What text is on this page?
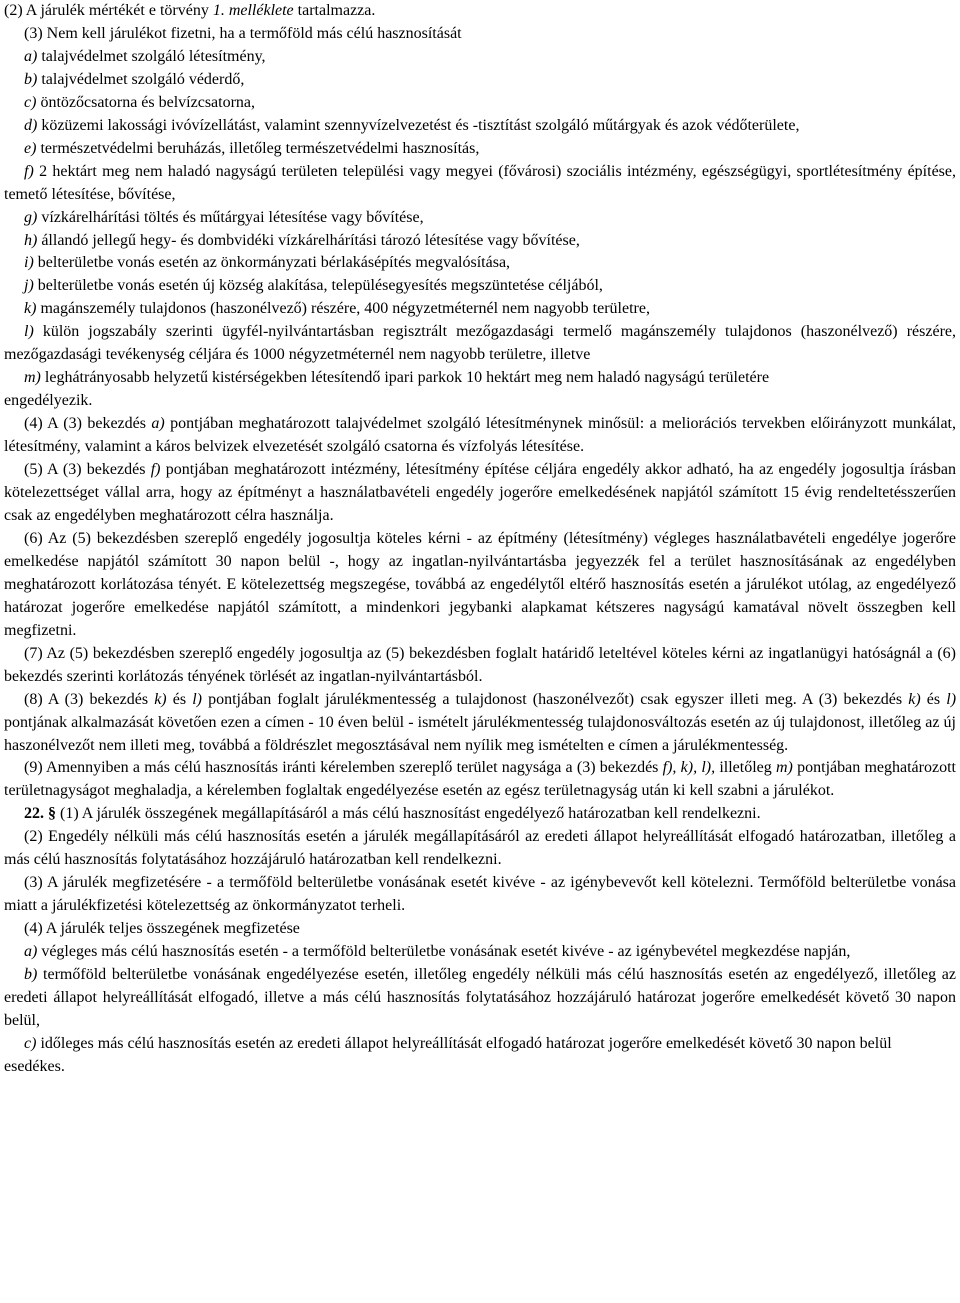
(2) A járulék mértékét e törvény 1. melléklete tartalmazza.

(3) Nem kell járulékot fizetni, ha a termőföld más célú hasznosítását

a) talajvédelmet szolgáló létesítmény,

b) talajvédelmet szolgáló véderdő,

c) öntözőcsatorna és belvízcsatorna,

d) közüzemi lakossági ivóvízellátást, valamint szennyvízelvezetést és -tisztítást szolgáló műtárgyak és azok védőterülete,

e) természetvédelmi beruházás, illetőleg természetvédelmi hasznosítás,

f) 2 hektárt meg nem haladó nagyságú területen települési vagy megyei (fővárosi) szociális intézmény, egészségügyi, sportlétesítmény építése, temető létesítése, bővítése,

g) vízkárelhárítási töltés és műtárgyai létesítése vagy bővítése,

h) állandó jellegű hegy- és dombvidéki vízkárelhárítási tározó létesítése vagy bővítése,

i) belterületbe vonás esetén az önkormányzati bérlakásépítés megvalósítása,

j) belterületbe vonás esetén új község alakítása, településegyesítés megszüntetése céljából,

k) magánszemély tulajdonos (haszonélvező) részére, 400 négyzetméternél nem nagyobb területre,

l) külön jogszabály szerinti ügyfél-nyilvántartásban regisztrált mezőgazdasági termelő magánszemély tulajdonos (haszonélvező) részére, mezőgazdasági tevékenység céljára és 1000 négyzetméternél nem nagyobb területre, illetve

m) leghátrányosabb helyzetű kistérségekben létesítendő ipari parkok 10 hektárt meg nem haladó nagyságú területére

engedélyezik.

(4) A (3) bekezdés a) pontjában meghatározott talajvédelmet szolgáló létesítménynek minősül: a meliorációs tervekben előirányzott munkálat, létesítmény, valamint a káros belvizek elvezetését szolgáló csatorna és vízfolyás létesítése.

(5) A (3) bekezdés f) pontjában meghatározott intézmény, létesítmény építése céljára engedély akkor adható, ha az engedély jogosultja írásban kötelezettséget vállal arra, hogy az építményt a használatbavételi engedély jogerőre emelkedésének napjától számított 15 évig rendeltetésszerűen csak az engedélyben meghatározott célra használja.

(6) Az (5) bekezdésben szereplő engedély jogosultja köteles kérni - az építmény (létesítmény) végleges használatbavételi engedélye jogerőre emelkedése napjától számított 30 napon belül -, hogy az ingatlan-nyilvántartásba jegyezzék fel a terület hasznosításának az engedélyben meghatározott korlátozása tényét. E kötelezettség megszegése, továbbá az engedélytől eltérő hasznosítás esetén a járulékot utólag, az engedélyező határozat jogerőre emelkedése napjától számított, a mindenkori jegybanki alapkamat kétszeres nagyságú kamatával növelt összegben kell megfizetni.

(7) Az (5) bekezdésben szereplő engedély jogosultja az (5) bekezdésben foglalt határidő leteltével köteles kérni az ingatlanügyi hatóságnál a (6) bekezdés szerinti korlátozás tényének törlését az ingatlan-nyilvántartásból.

(8) A (3) bekezdés k) és l) pontjában foglalt járulékmentesség a tulajdonost (haszonélvezőt) csak egyszer illeti meg. A (3) bekezdés k) és l) pontjának alkalmazását követően ezen a címen - 10 éven belül - ismételt járulékmentesség tulajdonosváltozás esetén az új tulajdonost, illetőleg az új haszonélvezőt nem illeti meg, továbbá a földrészlet megosztásával nem nyílik meg ismételten e címen a járulékmentesség.

(9) Amennyiben a más célú hasznosítás iránti kérelemben szereplő terület nagysága a (3) bekezdés f), k), l), illetőleg m) pontjában meghatározott területnagyságot meghaladja, a kérelemben foglaltak engedélyezése esetén az egész területnagyság után ki kell szabni a járulékot.

22. § (1) A járulék összegének megállapításáról a más célú hasznosítást engedélyező határozatban kell rendelkezni.

(2) Engedély nélküli más célú hasznosítás esetén a járulék megállapításáról az eredeti állapot helyreállítását elfogadó határozatban, illetőleg a más célú hasznosítás folytatásához hozzájáruló határozatban kell rendelkezni.

(3) A járulék megfizetésére - a termőföld belterületbe vonásának esetét kivéve - az igénybevevőt kell kötelezni. Termőföld belterületbe vonása miatt a járulékfizetési kötelezettség az önkormányzatot terheli.

(4) A járulék teljes összegének megfizetése

a) végleges más célú hasznosítás esetén - a termőföld belterületbe vonásának esetét kivéve - az igénybevétel megkezdése napján,

b) termőföld belterületbe vonásának engedélyezése esetén, illetőleg engedély nélküli más célú hasznosítás esetén az engedélyező, illetőleg az eredeti állapot helyreállítását elfogadó, illetve a más célú hasznosítás folytatásához hozzájáruló határozat jogerőre emelkedését követő 30 napon belül,

c) időleges más célú hasznosítás esetén az eredeti állapot helyreállítását elfogadó határozat jogerőre emelkedését követő 30 napon belül

esedékes.
